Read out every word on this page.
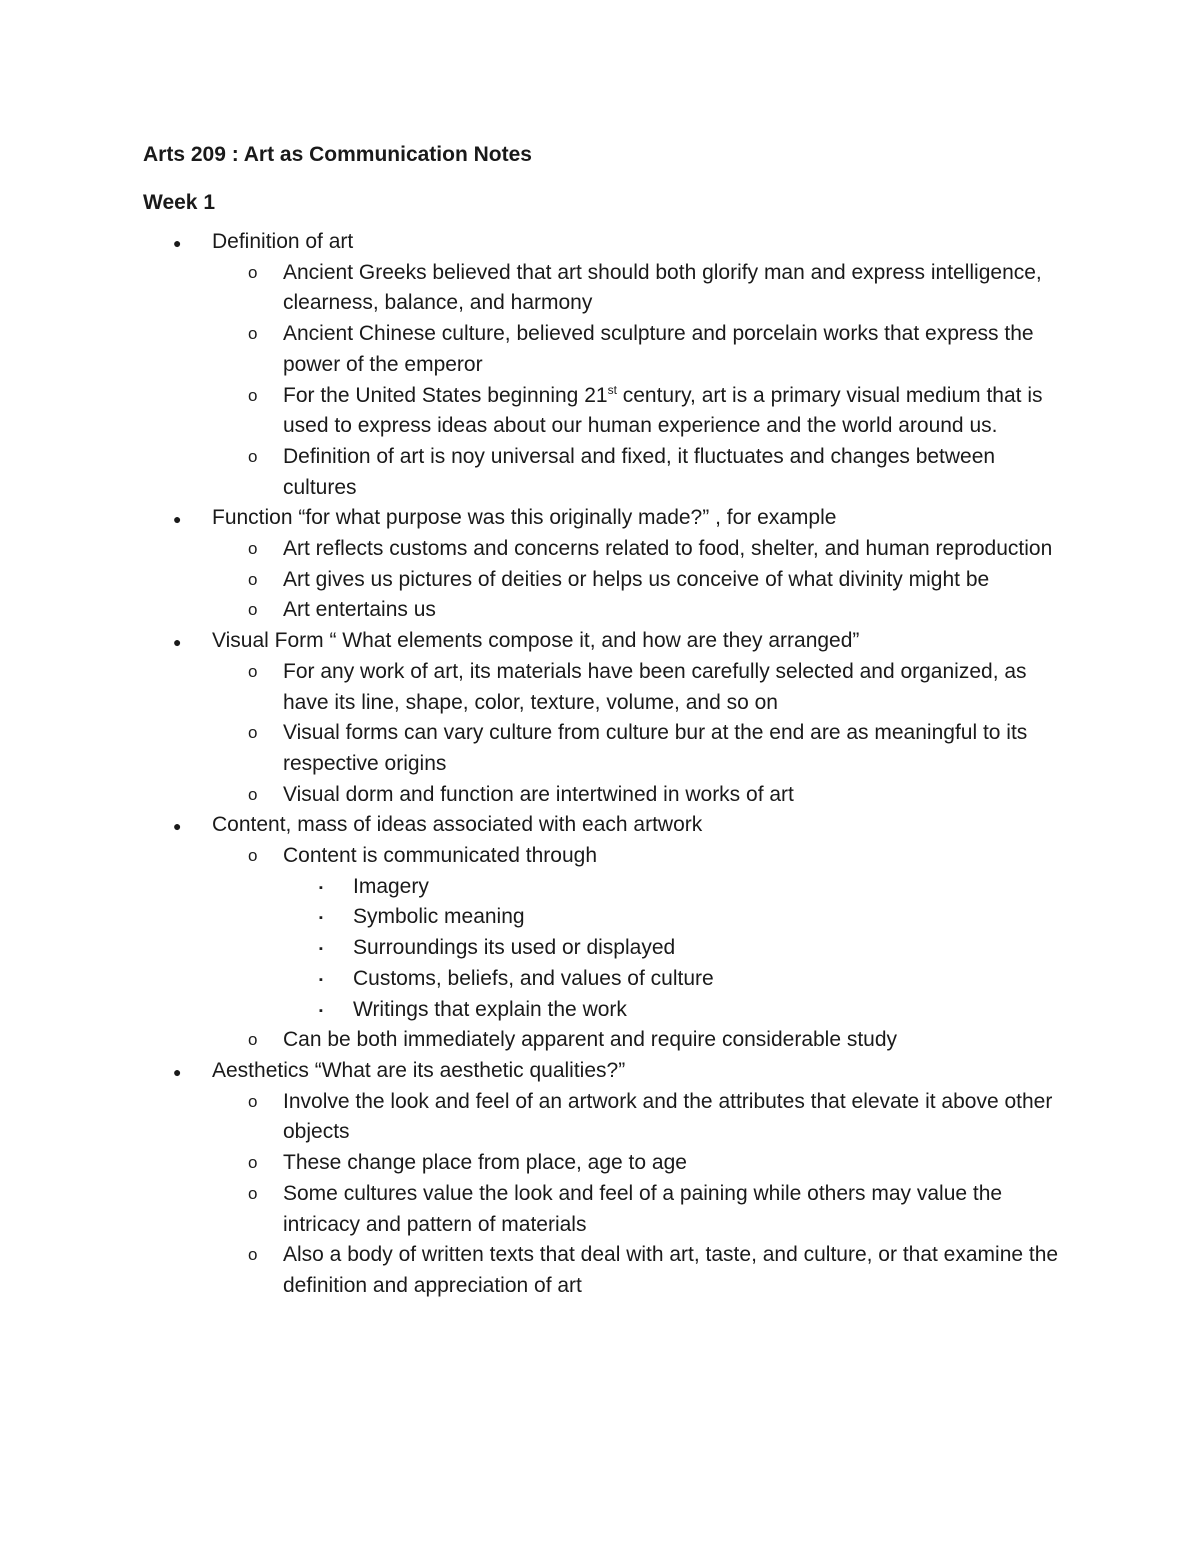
Arts 209 : Art as Communication Notes

Week 1

● Definition of art
o Ancient Greeks believed that art should both glorify man and express intelligence, clearness, balance, and harmony
o Ancient Chinese culture, believed sculpture and porcelain works that express the power of the emperor
o For the United States beginning 21st century, art is a primary visual medium that is used to express ideas about our human experience and the world around us.
o Definition of art is noy universal and fixed, it fluctuates and changes between cultures
● Function “for what purpose was this originally made?” , for example
o Art reflects customs and concerns related to food, shelter, and human reproduction
o Art gives us pictures of deities or helps us conceive of what divinity might be
o Art entertains us
● Visual Form “ What elements compose it, and how are they arranged”
o For any work of art, its materials have been carefully selected and organized, as have its line, shape, color, texture, volume, and so on
o Visual forms can vary culture from culture bur at the end are as meaningful to its respective origins
o Visual dorm and function are intertwined in works of art
● Content, mass of ideas associated with each artwork
o Content is communicated through
▪ Imagery
▪ Symbolic meaning
▪ Surroundings its used or displayed
▪ Customs, beliefs, and values of culture
▪ Writings that explain the work
o Can be both immediately apparent and require considerable study
● Aesthetics “What are its aesthetic qualities?”
o Involve the look and feel of an artwork and the attributes that elevate it above other objects
o These change place from place, age to age
o Some cultures value the look and feel of a paining while others may value the intricacy and pattern of materials
o Also a body of written texts that deal with art, taste, and culture, or that examine the definition and appreciation of art
